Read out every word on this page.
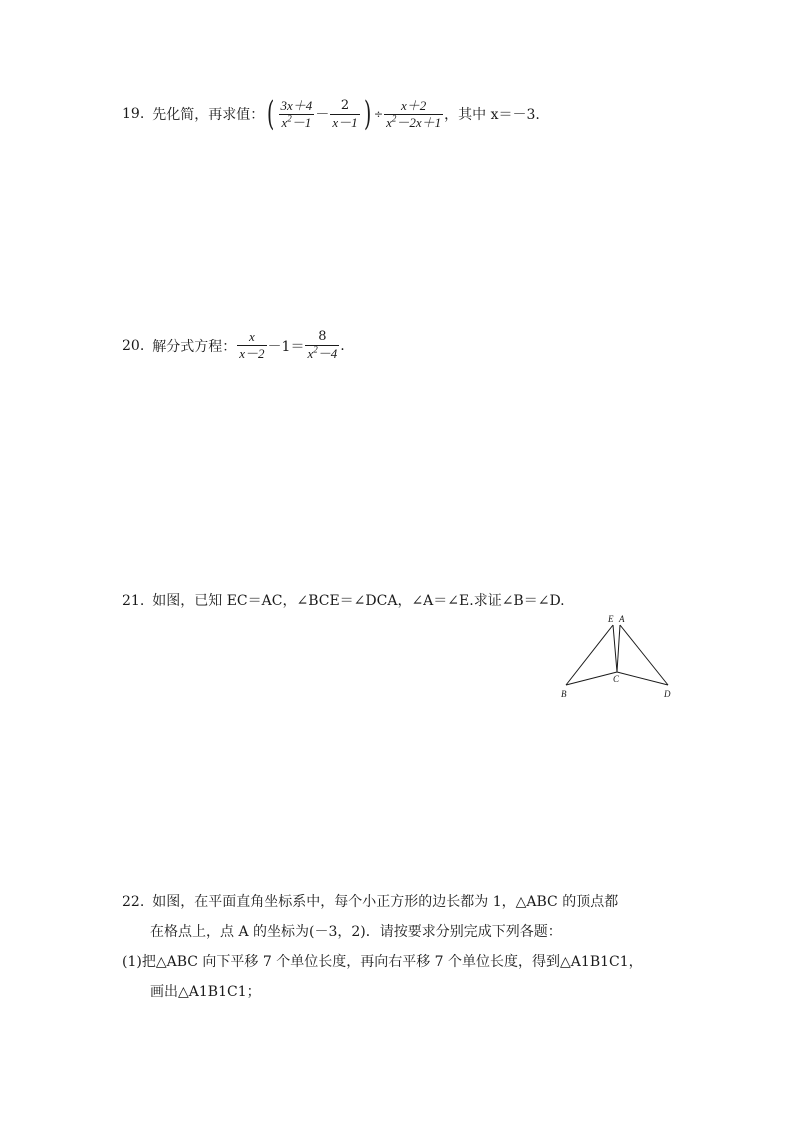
19. 先化简，再求值： ( $\frac{3x+4}{x^2-1} - \frac{2}{x-1}$ ) ÷ $\frac{x+2}{x^2-2x+1}$ ，其中 x＝－3.
20. 解分式方程： $\frac{x}{x-2} -1= \frac{8}{x^2-4}$ .
21. 如图，已知 EC＝AC，∠BCE＝∠DCA，∠A＝∠E.求证∠B＝∠D.
E A
B
C
D
22. 如图，在平面直角坐标系中，每个小正方形的边长都为 1，△ABC 的顶点都
在格点上，点 A 的坐标为(－3，2)．请按要求分别完成下列各题：
(1)把△ABC 向下平移 7 个单位长度，再向右平移 7 个单位长度，得到△A1B1C1，
画出△A1B1C1；
